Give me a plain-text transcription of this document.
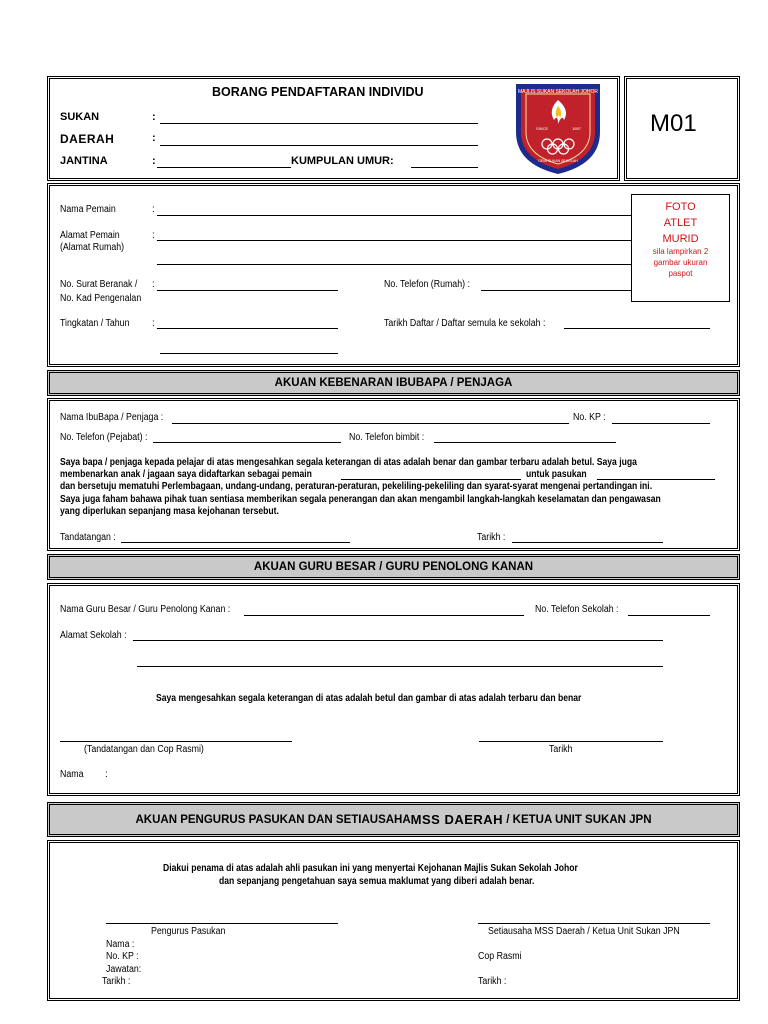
M01
BORANG PENDAFTARAN INDIVIDU
SUKAN	:
DAERAH	:
JANTINA	:	KUMPULAN UMUR:
MAJLIS SUKAN SEKOLAH JOHOR
SINCE	1957
DEMI SUKAN SEKOLAH
FOTO
ATLET
MURID
sila lampirkan 2
gambar ukuran
paspot
Nama Pemain	:
Alamat Pemain
(Alamat Rumah)
:
No. Surat Beranak /
No. Kad Pengenalan
:	No. Telefon (Rumah) :
Tingkatan / Tahun :	Tarikh Daftar / Daftar semula ke sekolah :
AKUAN KEBENARAN IBUBAPA / PENJAGA
Nama IbuBapa / Penjaga :	No. KP :
No. Telefon (Pejabat) :	No. Telefon bimbit :
Saya bapa / penjaga kepada pelajar di atas mengesahkan segala keterangan di atas adalah benar dan gambar terbaru adalah betul. Saya juga
membenarkan anak / jagaan saya didaftarkan sebagai pemain	untuk pasukan
dan bersetuju mematuhi Perlembagaan, undang-undang, peraturan-peraturan, pekeliling-pekeliling dan syarat-syarat mengenai pertandingan ini.
Saya juga faham bahawa pihak tuan sentiasa memberikan segala penerangan dan akan mengambil langkah-langkah keselamatan dan pengawasan
yang diperlukan sepanjang masa kejohanan tersebut.
Tandatangan :	Tarikh :
AKUAN GURU BESAR / GURU PENOLONG KANAN
Nama Guru Besar / Guru Penolong Kanan :	No. Telefon Sekolah :
Alamat Sekolah :
Saya mengesahkan segala keterangan di atas adalah betul dan gambar di atas adalah terbaru dan benar
(Tandatangan dan Cop Rasmi)	Tarikh
Nama :
AKUAN PENGURUS PASUKAN DAN SETIAUSAHA MSS DAERAH / KETUA UNIT SUKAN JPN
Diakui penama di atas adalah ahli pasukan ini yang menyertai Kejohanan Majlis Sukan Sekolah Johor
dan sepanjang pengetahuan saya semua maklumat yang diberi adalah benar.
Pengurus Pasukan	Setiausaha MSS Daerah / Ketua Unit Sukan JPN
Nama :
No. KP :
Jawatan:
Tarikh :
Cop Rasmi
Tarikh :
